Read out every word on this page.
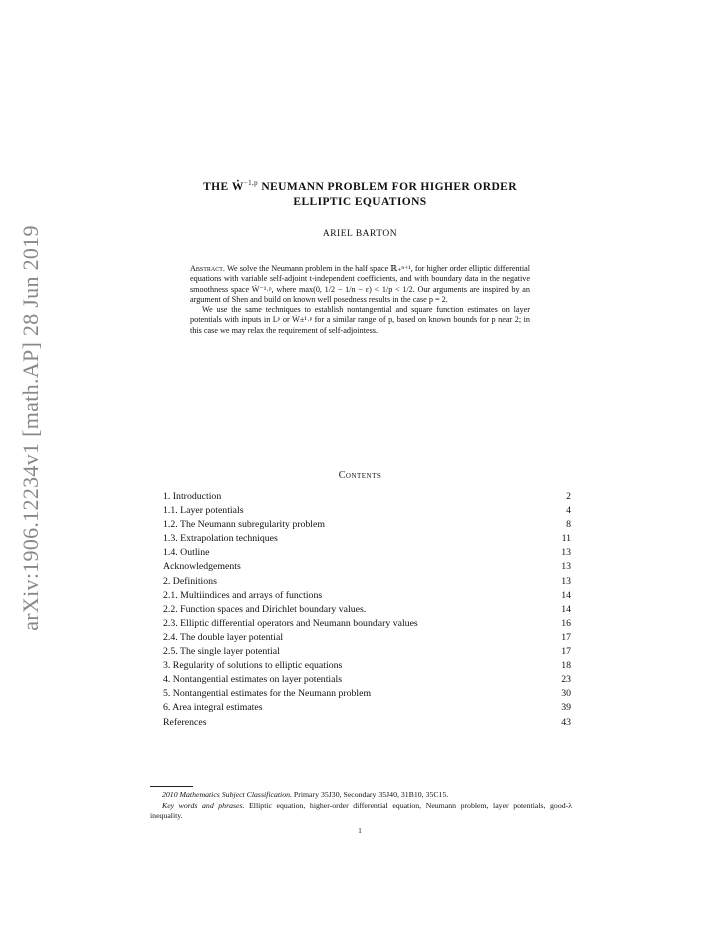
arXiv:1906.12234v1 [math.AP] 28 Jun 2019
THE Ẇ$^{-1,p}$ NEUMANN PROBLEM FOR HIGHER ORDER
ELLIPTIC EQUATIONS
ARIEL BARTON

Abstract. We solve the Neumann problem in the half space ℝ₊ⁿ⁺¹, for higher order elliptic differential equations with variable self-adjoint t-independent coefficients, and with boundary data in the negative smoothness space Ẇ⁻¹˒ᵖ, where max(0, 1/2 − 1/n − ε) < 1/p < 1/2. Our arguments are inspired by an argument of Shen and build on known well posedness results in the case p = 2.

We use the same techniques to establish nontangential and square function estimates on layer potentials with inputs in Lᵖ or Ẇ±¹˒ᵖ for a similar range of p, based on known bounds for p near 2; in this case we may relax the requirement of self-adjointess.

Contents
1. Introduction	2
1.1. Layer potentials	4
1.2. The Neumann subregularity problem	8
1.3. Extrapolation techniques	11
1.4. Outline	13
Acknowledgements	13
2. Definitions	13
2.1. Multiindices and arrays of functions	14
2.2. Function spaces and Dirichlet boundary values.	14
2.3. Elliptic differential operators and Neumann boundary values	16
2.4. The double layer potential	17
2.5. The single layer potential	17
3. Regularity of solutions to elliptic equations	18
4. Nontangential estimates on layer potentials	23
5. Nontangential estimates for the Neumann problem	30
6. Area integral estimates	39
References	43

2010 Mathematics Subject Classification. Primary 35J30, Secondary 35J40, 31B10, 35C15.

Key words and phrases. Elliptic equation, higher-order differential equation, Neumann problem, layer potentials, good-λ inequality.

1
